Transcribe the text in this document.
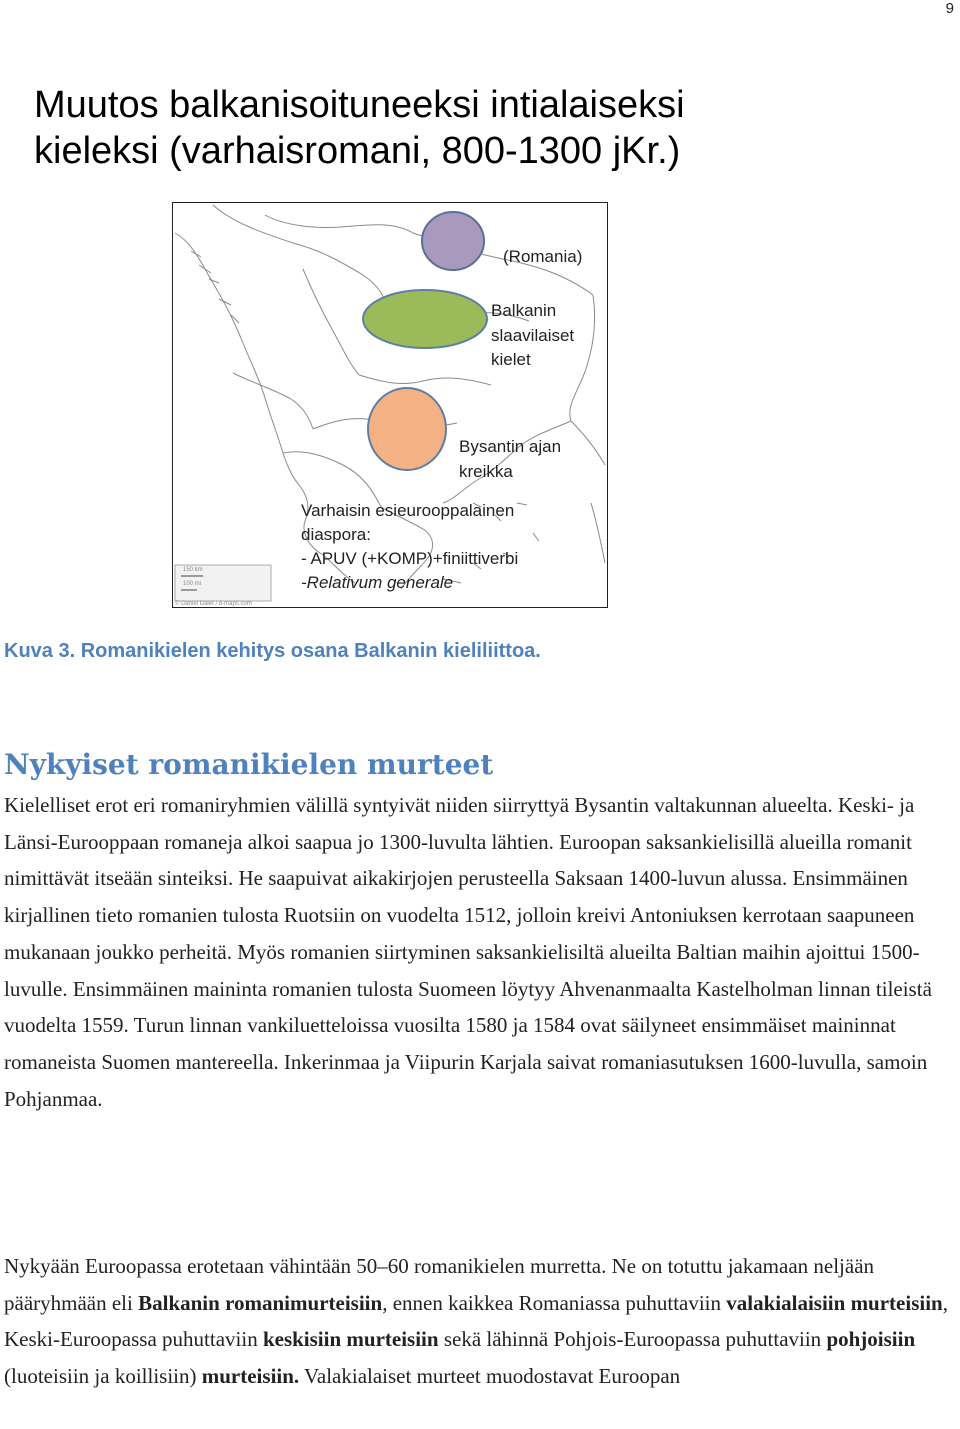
9
Muutos balkanisoituneeksi intialaiseksi
kieleksi (varhaisromani, 800-1300 jKr.)
150 km
100 mi
© Daniel Dalet / d-maps.com
(Romania)
Balkanin
slaavilaiset
kielet
Bysantin ajan
kreikka
Varhaisin esieurooppalainen
diaspora:
- APUV (+KOMP)+finiittiverbi
-Relativum generale

Kuva 3. Romanikielen kehitys osana Balkanin kieliliittoa.

Nykyiset romanikielen murteet

Kielelliset erot eri romaniryhmien välillä syntyivät niiden siirryttyä Bysantin valtakunnan alueelta. Keski- ja Länsi-Eurooppaan romaneja alkoi saapua jo 1300-luvulta lähtien. Euroopan saksankielisillä alueilla romanit nimittävät itseään sinteiksi. He saapuivat aikakirjojen perusteella Saksaan 1400-luvun alussa. Ensimmäinen kirjallinen tieto romanien tulosta Ruotsiin on vuodelta 1512, jolloin kreivi Antoniuksen kerrotaan saapuneen mukanaan joukko perheitä. Myös romanien siirtyminen saksankielisiltä alueilta Baltian maihin ajoittui 1500-luvulle. Ensimmäinen maininta romanien tulosta Suomeen löytyy Ahvenanmaalta Kastelholman linnan tileistä vuodelta 1559. Turun linnan vankiluetteloissa vuosilta 1580 ja 1584 ovat säilyneet ensimmäiset maininnat romaneista Suomen mantereella. Inkerinmaa ja Viipurin Karjala saivat romaniasutuksen 1600-luvulla, samoin Pohjanmaa.

Nykyään Euroopassa erotetaan vähintään 50–60 romanikielen murretta. Ne on totuttu jakamaan neljään pääryhmään eli Balkanin romanimurteisiin, ennen kaikkea Romaniassa puhuttaviin valakialaisiin murteisiin, Keski-Euroopassa puhuttaviin keskisiin murteisiin sekä lähinnä Pohjois-Euroopassa puhuttaviin pohjoisiin (luoteisiin ja koillisiin) murteisiin. Valakialaiset murteet muodostavat Euroopan
